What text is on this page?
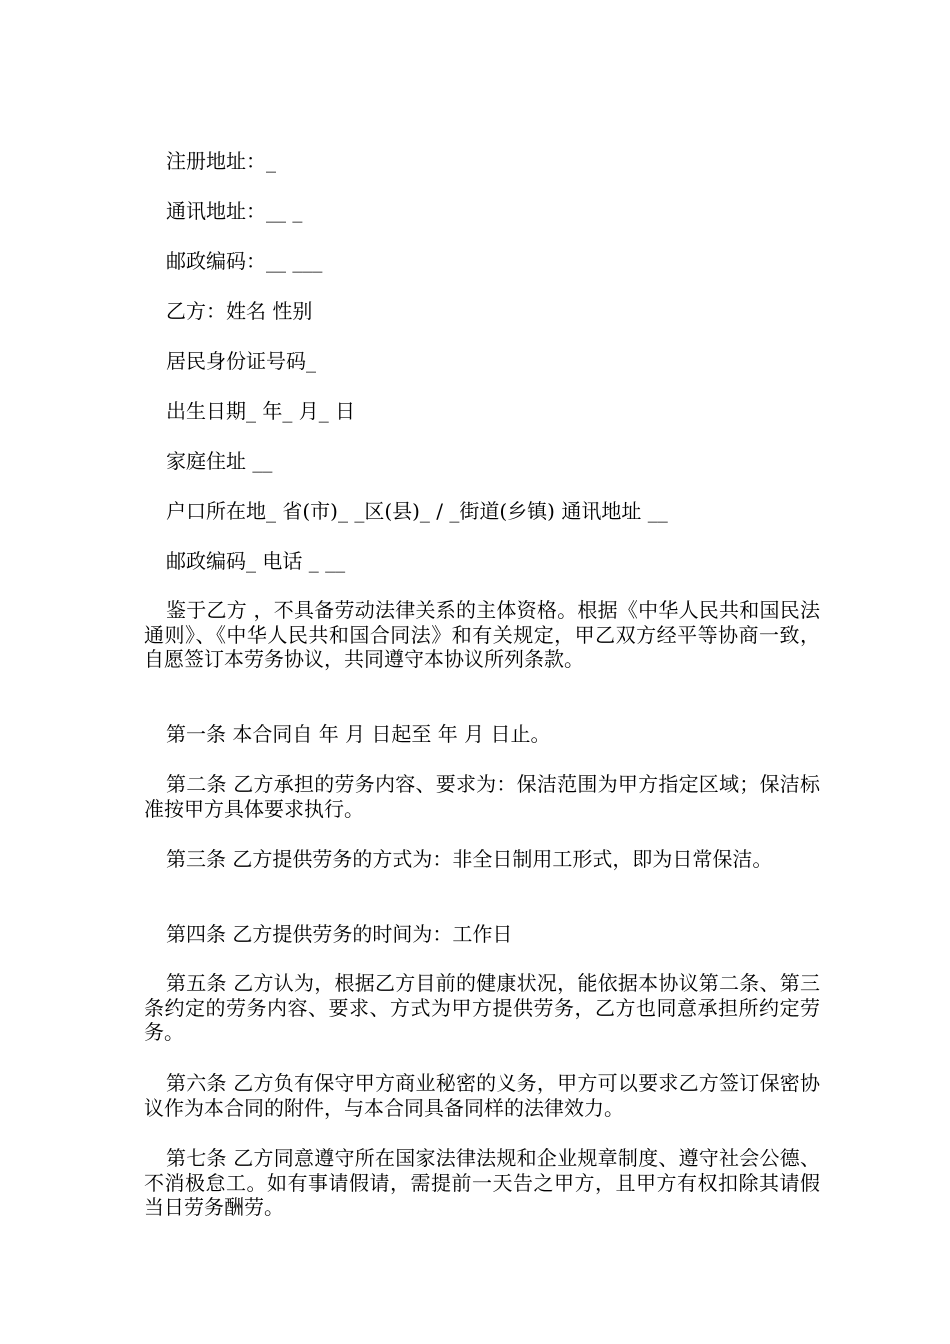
注册地址：_
通讯地址：__ _
邮政编码：__ ___
乙方：姓名 性别
居民身份证号码_
出生日期_ 年_ 月_ 日
家庭住址 __
户口所在地_ 省(市)_ _区(县)_ / _街道(乡镇) 通讯地址 __
邮政编码_ 电话 _ __
鉴于乙方 ，不具备劳动法律关系的主体资格。根据《中华人民共和国民法通则》、《中华人民共和国合同法》和有关规定，甲乙双方经平等协商一致，自愿签订本劳务协议，共同遵守本协议所列条款。
第一条 本合同自 年 月 日起至 年 月 日止。
第二条 乙方承担的劳务内容、要求为：保洁范围为甲方指定区域；保洁标准按甲方具体要求执行。
第三条 乙方提供劳务的方式为：非全日制用工形式，即为日常保洁。
第四条 乙方提供劳务的时间为：工作日
第五条 乙方认为，根据乙方目前的健康状况，能依据本协议第二条、第三条约定的劳务内容、要求、方式为甲方提供劳务，乙方也同意承担所约定劳务。
第六条 乙方负有保守甲方商业秘密的义务，甲方可以要求乙方签订保密协议作为本合同的附件，与本合同具备同样的法律效力。
第七条 乙方同意遵守所在国家法律法规和企业规章制度、遵守社会公德、不消极怠工。如有事请假请，需提前一天告之甲方，且甲方有权扣除其请假当日劳务酬劳。
